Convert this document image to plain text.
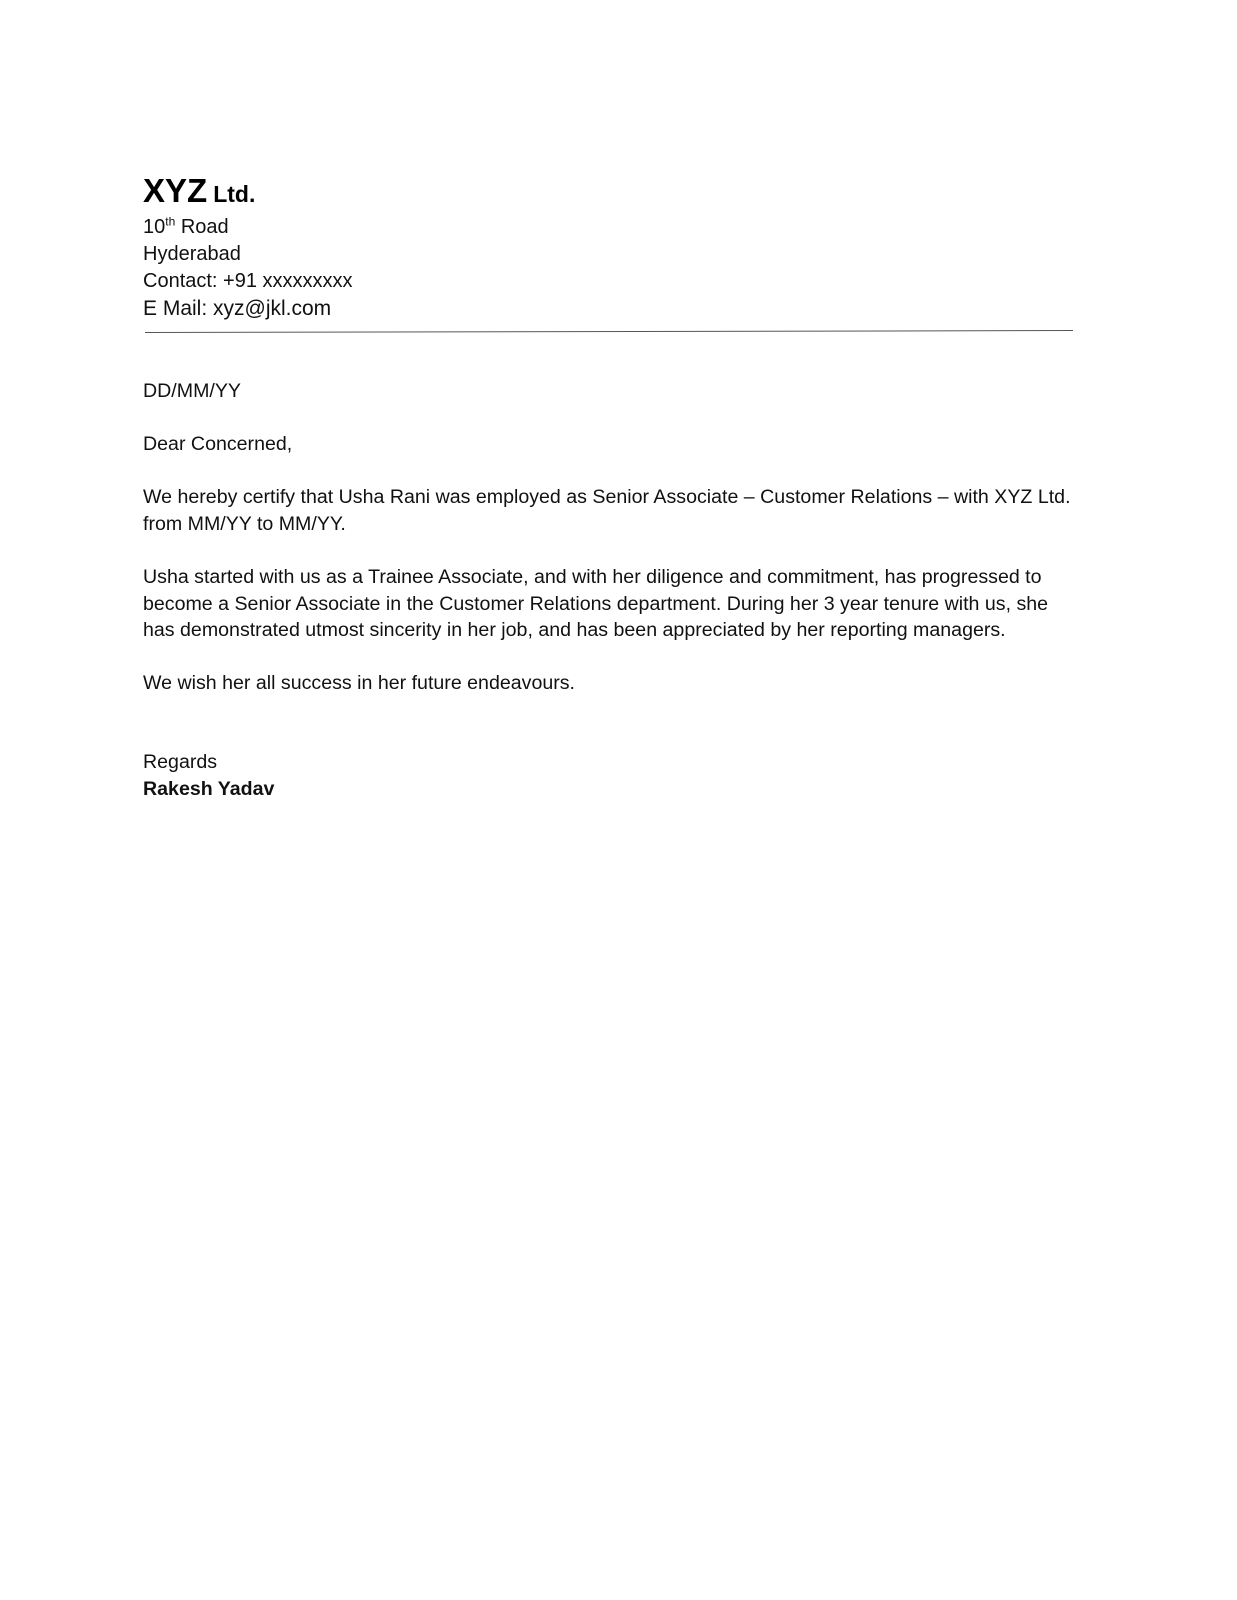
XYZ Ltd.

10th Road

Hyderabad

Contact: +91 xxxxxxxxx

E Mail: xyz@jkl.com

DD/MM/YY

Dear Concerned,

We hereby certify that Usha Rani was employed as Senior Associate – Customer Relations – with XYZ Ltd. from MM/YY to MM/YY.

Usha started with us as a Trainee Associate, and with her diligence and commitment, has progressed to become a Senior Associate in the Customer Relations department. During her 3 year tenure with us, she has demonstrated utmost sincerity in her job, and has been appreciated by her reporting managers.

We wish her all success in her future endeavours.

Regards

Rakesh Yadav
